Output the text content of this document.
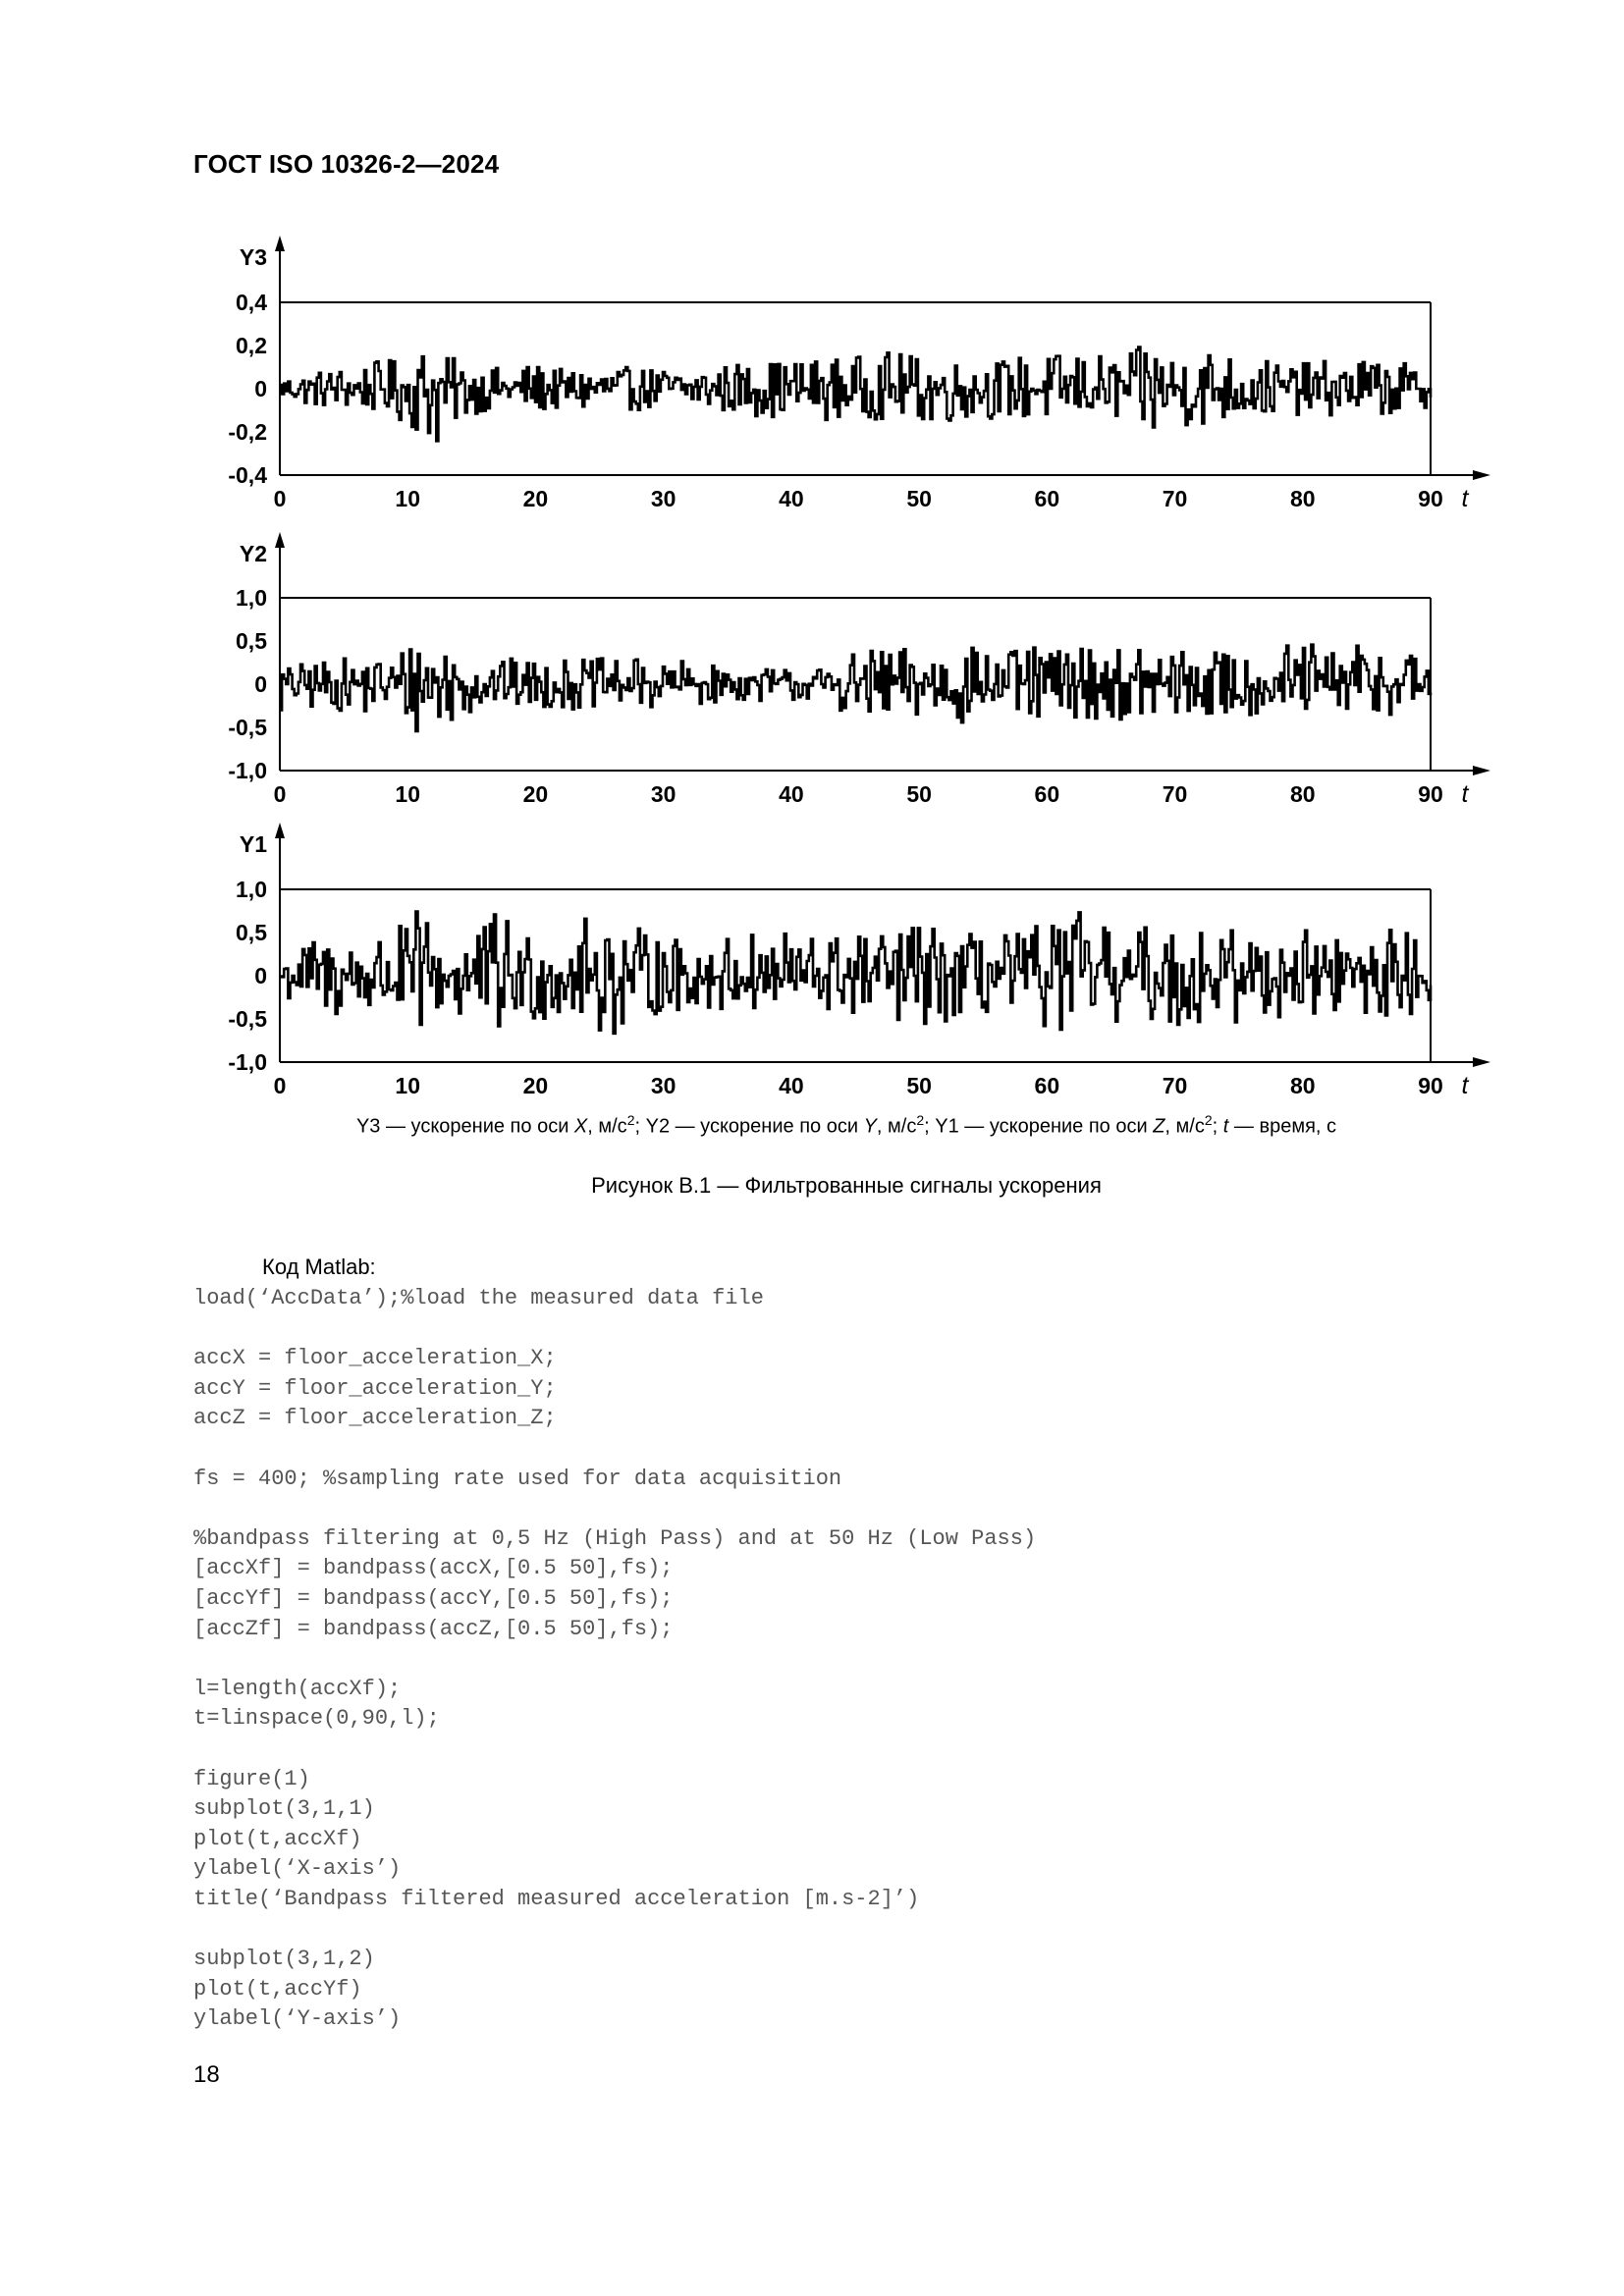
ГОСТ ISO 10326-2—2024
Y3
0,4
0,2
0
-0,2
-0,4
0	10	20	30	40	50	60	70	80	90 t
Y2
1,0
0,5
0
-0,5
-1,0
0	10	20	30	40	50	60	70	80	90 t
Y1
1,0
0,5
0
-0,5
-1,0
0	10	20	30	40	50	60	70	80	90 t
Y3 — ускорение по оси X, $м/с^2$; Y2 — ускорение по оси Y, $м/с^2$; Y1 — ускорение по оси Z, $м/с^2$; t — время, с
Рисунок В.1 — Фильтрованные сигналы ускорения
Код Matlab:
load(‘AccData’);%load the measured data file

accX = floor_acceleration_X;
accY = floor_acceleration_Y;
accZ = floor_acceleration_Z;

fs = 400; %sampling rate used for data acquisition

%bandpass filtering at 0,5 Hz (High Pass) and at 50 Hz (Low Pass)
[accXf] = bandpass(accX,[0.5 50],fs);
[accYf] = bandpass(accY,[0.5 50],fs);
[accZf] = bandpass(accZ,[0.5 50],fs);

l=length(accXf);
t=linspace(0,90,l);

figure(1)
subplot(3,1,1)
plot(t,accXf)
ylabel(‘X-axis’)
title(‘Bandpass filtered measured acceleration [m.s-2]’)

subplot(3,1,2)
plot(t,accYf)
ylabel(‘Y-axis’)
18
